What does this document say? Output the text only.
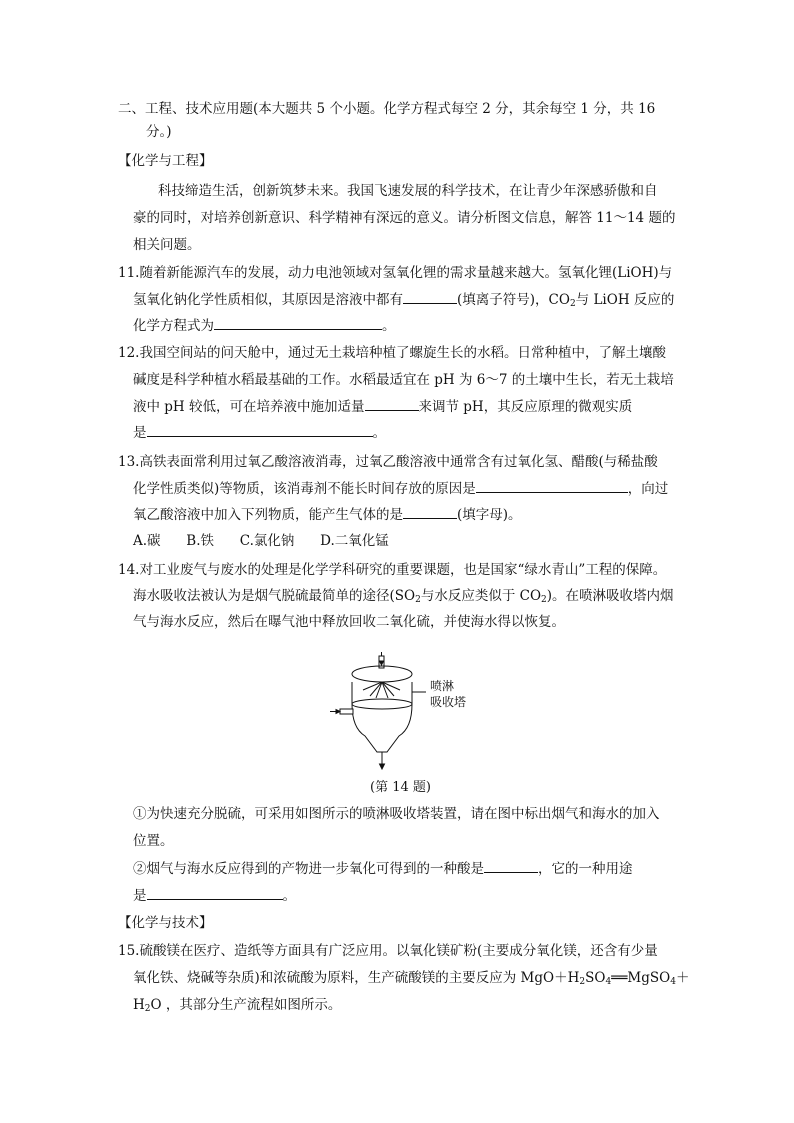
二、工程、技术应用题(本大题共 5 个小题。化学方程式每空 2 分，其余每空 1 分，共 16
分。)
【化学与工程】
科技缔造生活，创新筑梦未来。我国飞速发展的科学技术，在让青少年深感骄傲和自
豪的同时，对培养创新意识、科学精神有深远的意义。请分析图文信息，解答 11～14 题的
相关问题。
11.随着新能源汽车的发展，动力电池领域对氢氧化锂的需求量越来越大。氢氧化锂(LiOH)与
氢氧化钠化学性质相似，其原因是溶液中都有	(填离子符号)，$CO_2$与 LiOH 反应的
化学方程式为	。
12.我国空间站的问天舱中，通过无土栽培种植了螺旋生长的水稻。日常种植中，了解土壤酸
碱度是科学种植水稻最基础的工作。水稻最适宜在 pH 为 6～7 的土壤中生长，若无土栽培
液中 pH 较低，可在培养液中施加适量	来调节 pH，其反应原理的微观实质
是	。
13.高铁表面常利用过氧乙酸溶液消毒，过氧乙酸溶液中通常含有过氧化氢、醋酸(与稀盐酸
化学性质类似)等物质，该消毒剂不能长时间存放的原因是	，向过
氧乙酸溶液中加入下列物质，能产生气体的是	(填字母)。
A.碳      B.铁      C.氯化钠      D.二氧化锰
14.对工业废气与废水的处理是化学学科研究的重要课题，也是国家“绿水青山”工程的保障。
海水吸收法被认为是烟气脱硫最简单的途径($SO_2$与水反应类似于 $CO_2$)。在喷淋吸收塔内烟
气与海水反应，然后在曝气池中释放回收二氧化硫，并使海水得以恢复。
喷淋
吸收塔
(第 14 题)
①为快速充分脱硫，可采用如图所示的喷淋吸收塔装置，请在图中标出烟气和海水的加入
位置。
②烟气与海水反应得到的产物进一步氧化可得到的一种酸是	，它的一种用途
是	。
【化学与技术】
15.硫酸镁在医疗、造纸等方面具有广泛应用。以氧化镁矿粉(主要成分氧化镁，还含有少量
氧化铁、烧碱等杂质)和浓硫酸为原料，生产硫酸镁的主要反应为 $MgO+H_2SO_4══MgSO_4+$
$H_2O$ ，其部分生产流程如图所示。
